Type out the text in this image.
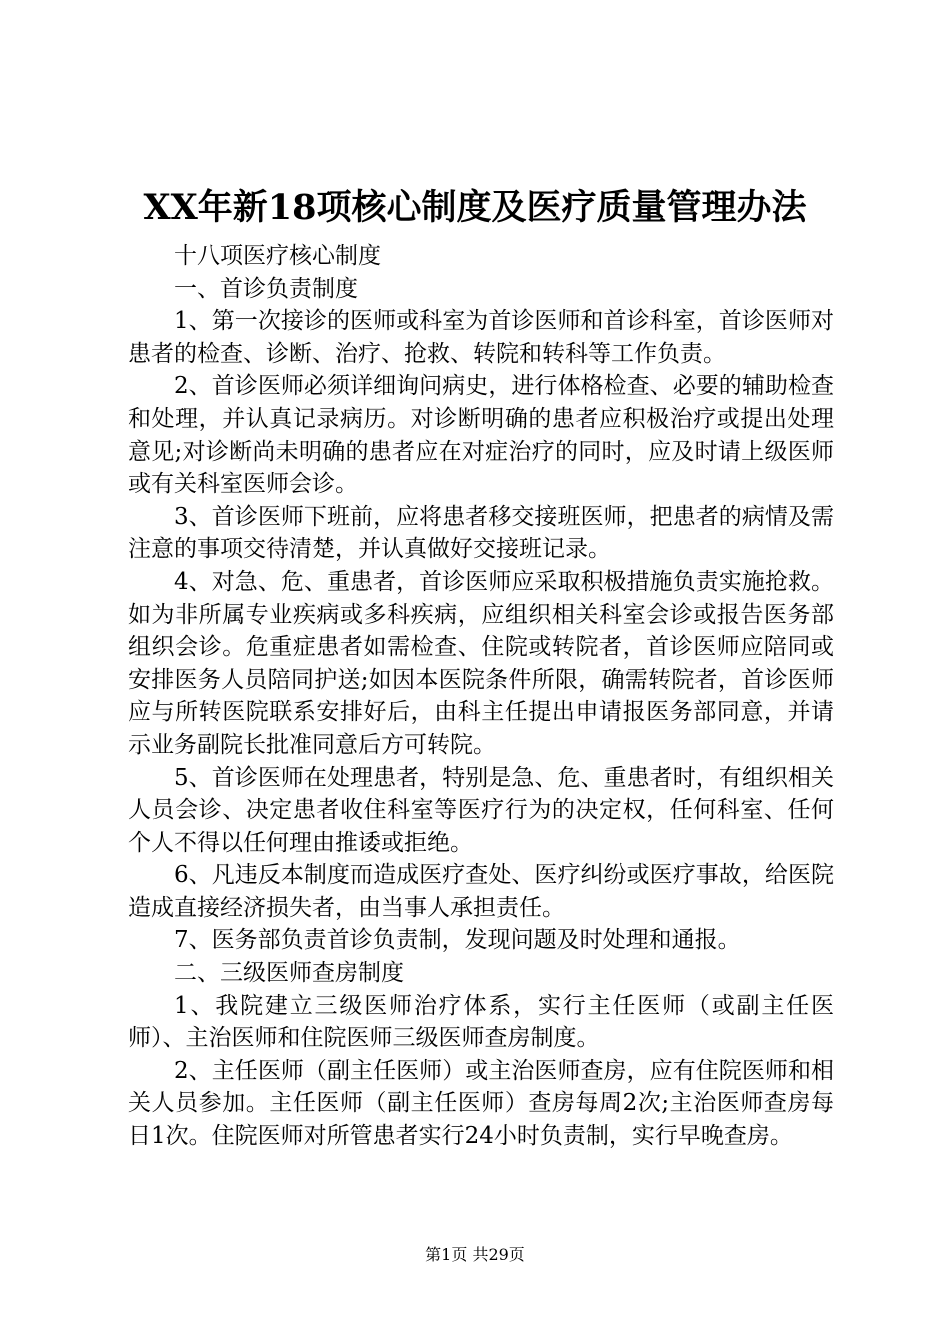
XX年新18项核心制度及医疗质量管理办法

十八项医疗核心制度

一、首诊负责制度

1、第一次接诊的医师或科室为首诊医师和首诊科室，首诊医师对患者的检查、诊断、治疗、抢救、转院和转科等工作负责。

2、首诊医师必须详细询问病史，进行体格检查、必要的辅助检查和处理，并认真记录病历。对诊断明确的患者应积极治疗或提出处理意见;对诊断尚未明确的患者应在对症治疗的同时，应及时请上级医师或有关科室医师会诊。

3、首诊医师下班前，应将患者移交接班医师，把患者的病情及需注意的事项交待清楚，并认真做好交接班记录。

4、对急、危、重患者，首诊医师应采取积极措施负责实施抢救。如为非所属专业疾病或多科疾病，应组织相关科室会诊或报告医务部组织会诊。危重症患者如需检查、住院或转院者，首诊医师应陪同或安排医务人员陪同护送;如因本医院条件所限，确需转院者，首诊医师应与所转医院联系安排好后，由科主任提出申请报医务部同意，并请示业务副院长批准同意后方可转院。

5、首诊医师在处理患者，特别是急、危、重患者时，有组织相关人员会诊、决定患者收住科室等医疗行为的决定权，任何科室、任何个人不得以任何理由推诿或拒绝。

6、凡违反本制度而造成医疗查处、医疗纠纷或医疗事故，给医院造成直接经济损失者，由当事人承担责任。

7、医务部负责首诊负责制，发现问题及时处理和通报。

二、三级医师查房制度

1、我院建立三级医师治疗体系，实行主任医师（或副主任医师）、主治医师和住院医师三级医师查房制度。

2、主任医师（副主任医师）或主治医师查房，应有住院医师和相关人员参加。主任医师（副主任医师）查房每周2次;主治医师查房每日1次。住院医师对所管患者实行24小时负责制，实行早晚查房。

第1页 共29页
